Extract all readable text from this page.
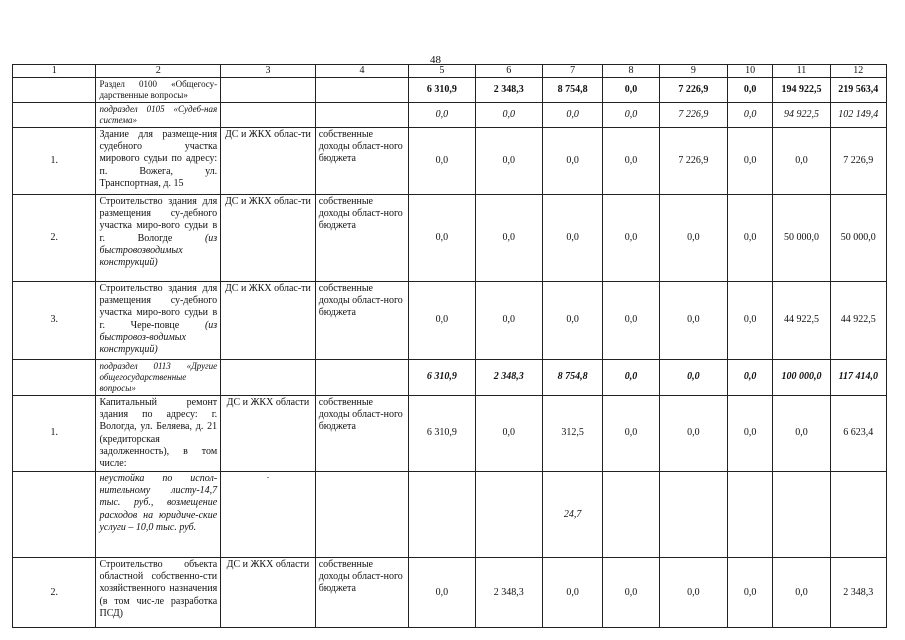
48
1	2	3	4	5	6	7	8	9	10	11	12
	Раздел 0100 «Общегосу-дарственные вопросы»			6 310,9	2 348,3	8 754,8	0,0	7 226,9	0,0	194 922,5	219 563,4
	подраздел 0105 «Судеб-ная система»			0,0	0,0	0,0	0,0	7 226,9	0,0	94 922,5	102 149,4
1.	Здание для размеще-ния судебного участка мирового судьи по адресу: п. Вожега, ул. Транспортная, д. 15	ДС и ЖКХ облас-ти	собственные доходы област-ного бюджета	0,0	0,0	0,0	0,0	7 226,9	0,0	0,0	7 226,9
2.	Строительство здания для размещения су-дебного участка миро-вого судьи в г. Вологде (из быстровозводимых конструкций)	ДС и ЖКХ облас-ти	собственные доходы област-ного бюджета	0,0	0,0	0,0	0,0	0,0	0,0	50 000,0	50 000,0
3.	Строительство здания для размещения су-дебного участка миро-вого судьи в г. Чере-повце (из быстровоз-водимых конструкций)	ДС и ЖКХ облас-ти	собственные доходы област-ного бюджета	0,0	0,0	0,0	0,0	0,0	0,0	44 922,5	44 922,5
	подраздел 0113 «Другие общегосударственные вопросы»			6 310,9	2 348,3	8 754,8	0,0	0,0	0,0	100 000,0	117 414,0
1.	Капитальный ремонт здания по адресу: г. Вологда, ул. Беляева, д. 21 (кредиторская задолженность), в том числе:	ДС и ЖКХ области	собственные доходы област-ного бюджета	6 310,9	0,0	312,5	0,0	0,0	0,0	0,0	6 623,4
	неустойка по испол-нительному листу-14,7 тыс. руб., возмещение расходов на юридиче-ские услуги – 10,0 тыс. руб.	-				24,7					
2.	Строительство объекта областной собственно-сти хозяйственного назначения (в том чис-ле разработка ПСД)	ДС и ЖКХ области	собственные доходы област-ного бюджета	0,0	2 348,3	0,0	0,0	0,0	0,0	0,0	2 348,3
